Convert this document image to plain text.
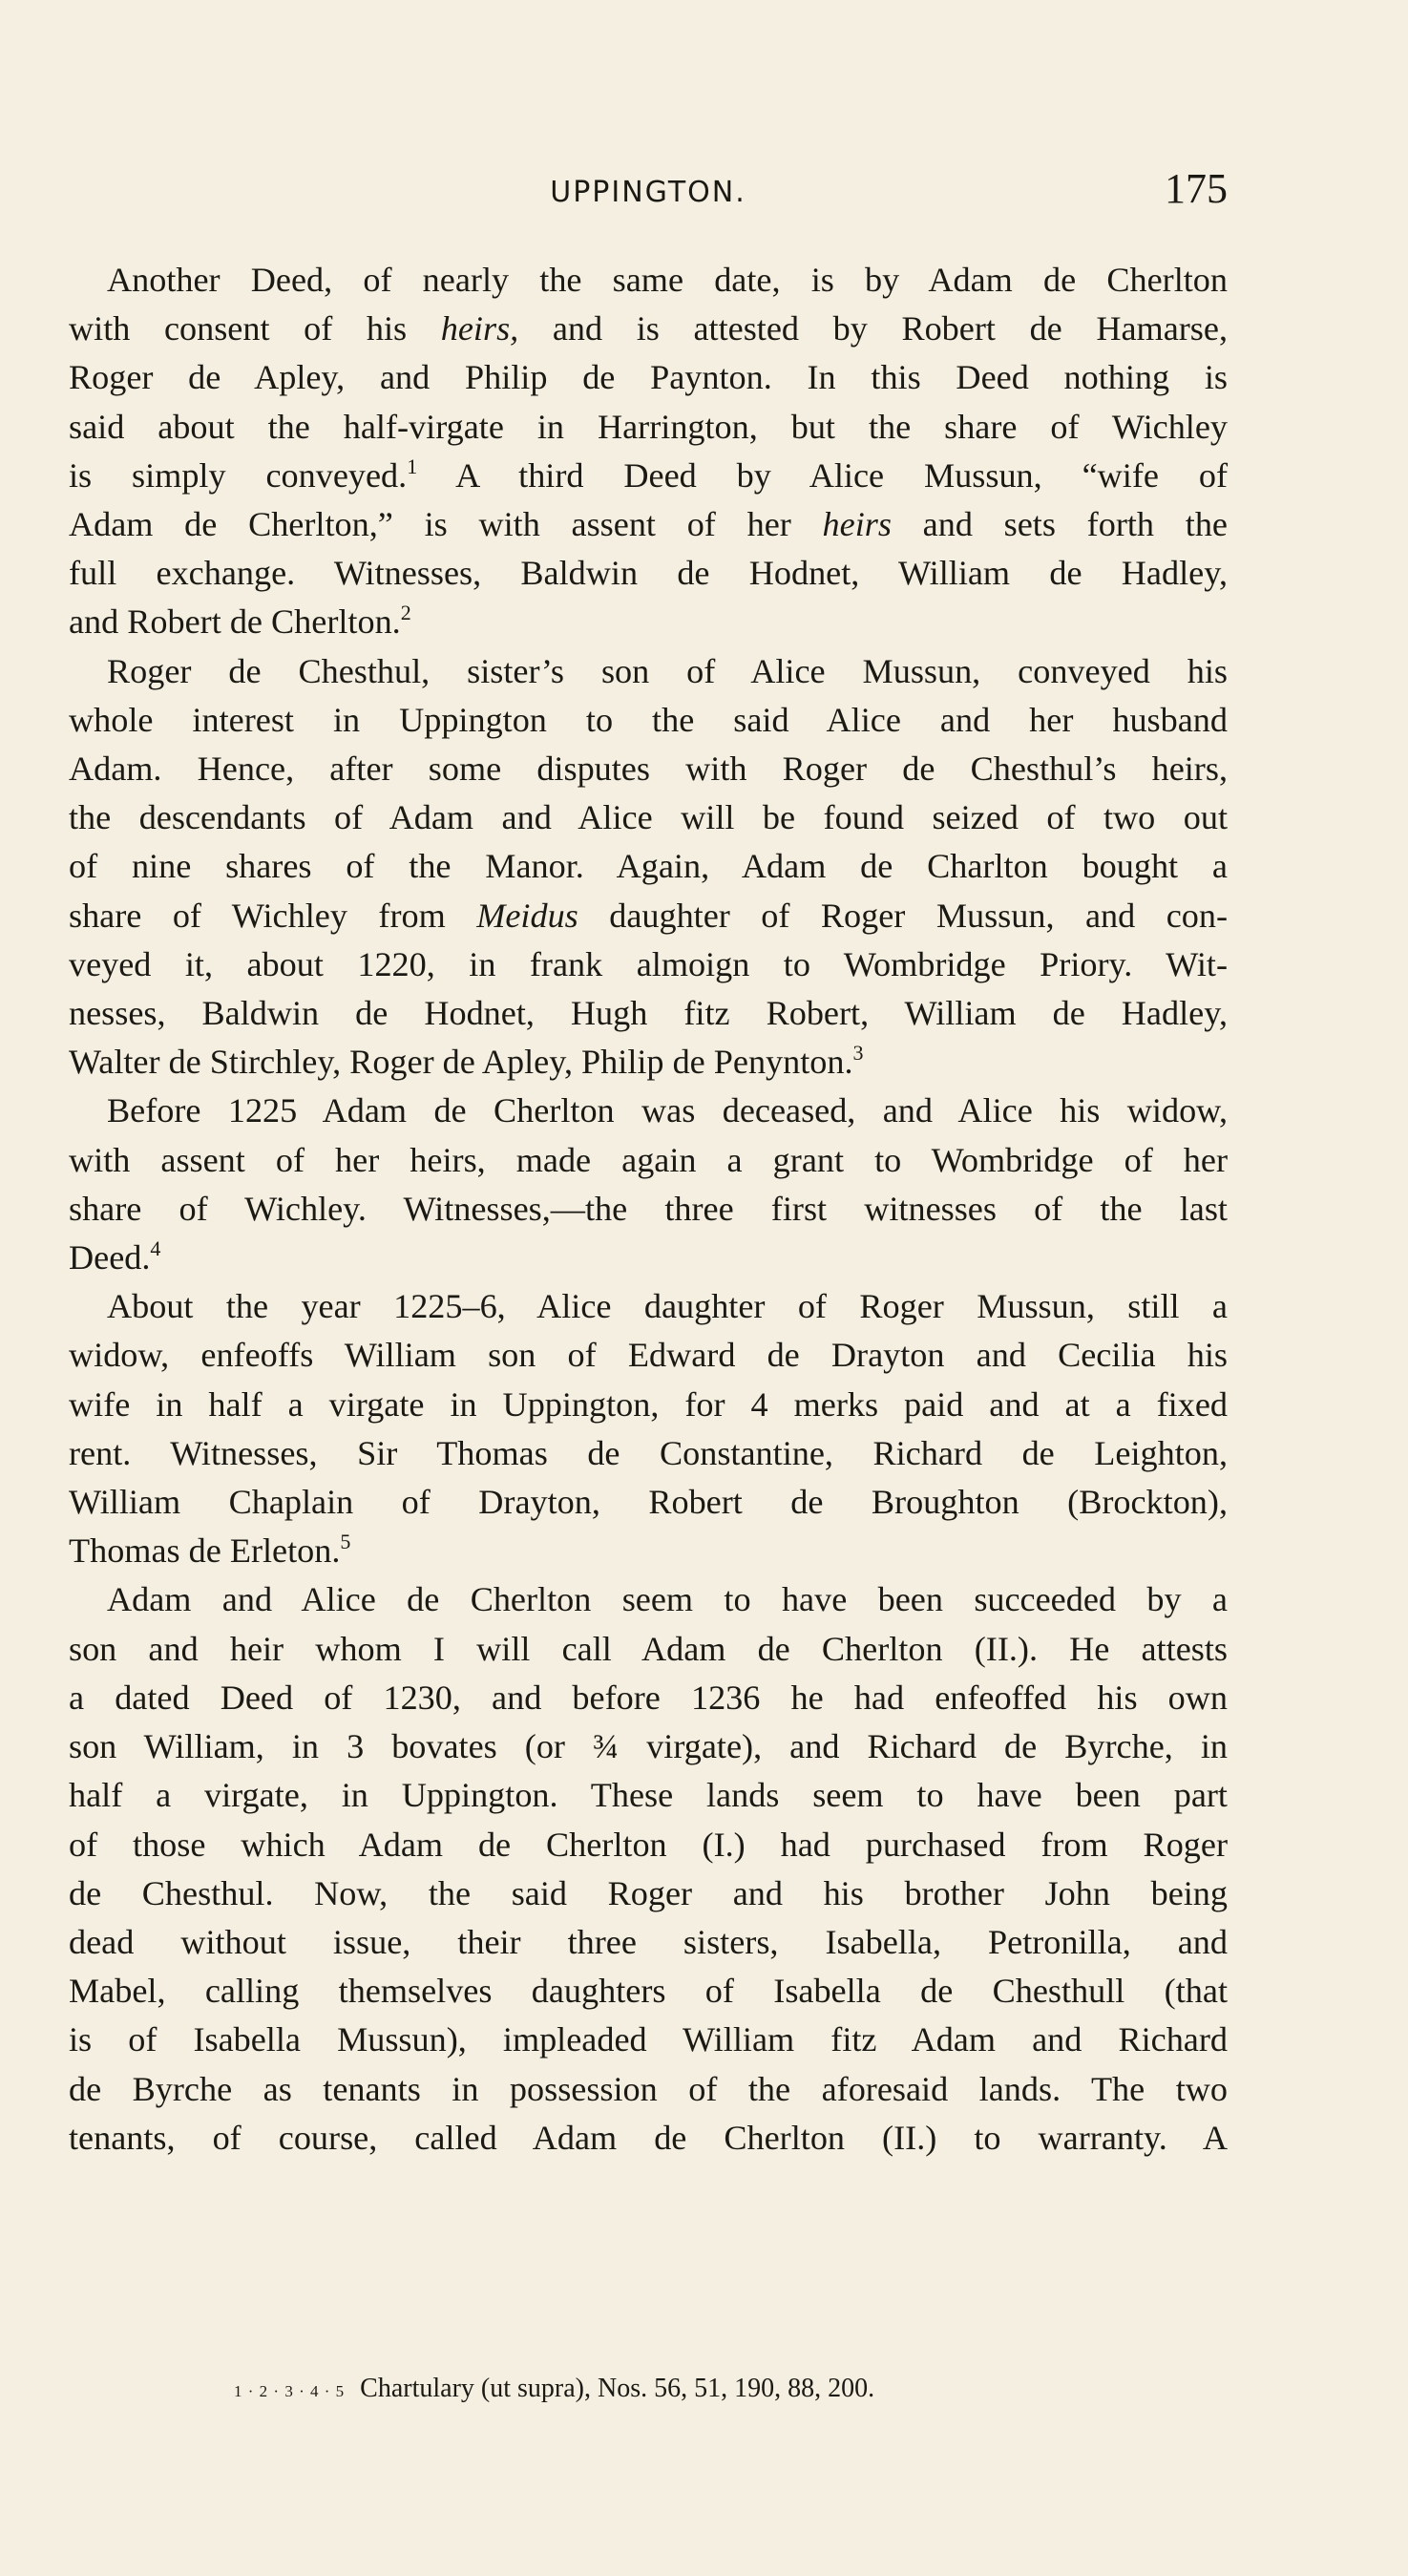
UPPINGTON.	175
Another Deed, of nearly the same date, is by Adam de Cherlton
with consent of his heirs, and is attested by Robert de Hamarse,
Roger de Apley, and Philip de Paynton. In this Deed nothing is
said about the half-virgate in Harrington, but the share of Wichley
is simply conveyed.$^1$ A third Deed by Alice Mussun, “wife of
Adam de Cherlton,” is with assent of her heirs and sets forth the
full exchange. Witnesses, Baldwin de Hodnet, William de Hadley,
and Robert de Cherlton.$^2$
Roger de Chesthul, sister’s son of Alice Mussun, conveyed his
whole interest in Uppington to the said Alice and her husband
Adam. Hence, after some disputes with Roger de Chesthul’s heirs,
the descendants of Adam and Alice will be found seized of two out
of nine shares of the Manor. Again, Adam de Charlton bought a
share of Wichley from Meidus daughter of Roger Mussun, and con-
veyed it, about 1220, in frank almoign to Wombridge Priory. Wit-
nesses, Baldwin de Hodnet, Hugh fitz Robert, William de Hadley,
Walter de Stirchley, Roger de Apley, Philip de Penynton.$^3$
Before 1225 Adam de Cherlton was deceased, and Alice his widow,
with assent of her heirs, made again a grant to Wombridge of her
share of Wichley. Witnesses,—the three first witnesses of the last
Deed.$^4$
About the year 1225–6, Alice daughter of Roger Mussun, still a
widow, enfeoffs William son of Edward de Drayton and Cecilia his
wife in half a virgate in Uppington, for 4 merks paid and at a fixed
rent. Witnesses, Sir Thomas de Constantine, Richard de Leighton,
William Chaplain of Drayton, Robert de Broughton (Brockton),
Thomas de Erleton.$^5$
Adam and Alice de Cherlton seem to have been succeeded by a
son and heir whom I will call Adam de Cherlton (II.). He attests
a dated Deed of 1230, and before 1236 he had enfeoffed his own
son William, in 3 bovates (or ¾ virgate), and Richard de Byrche, in
half a virgate, in Uppington. These lands seem to have been part
of those which Adam de Cherlton (I.) had purchased from Roger
de Chesthul. Now, the said Roger and his brother John being
dead without issue, their three sisters, Isabella, Petronilla, and
Mabel, calling themselves daughters of Isabella de Chesthull (that
is of Isabella Mussun), impleaded William fitz Adam and Richard
de Byrche as tenants in possession of the aforesaid lands. The two
tenants, of course, called Adam de Cherlton (II.) to warranty. A
1 · 2 · 3 · 4 · 5 Chartulary (ut supra), Nos. 56, 51, 190, 88, 200.
